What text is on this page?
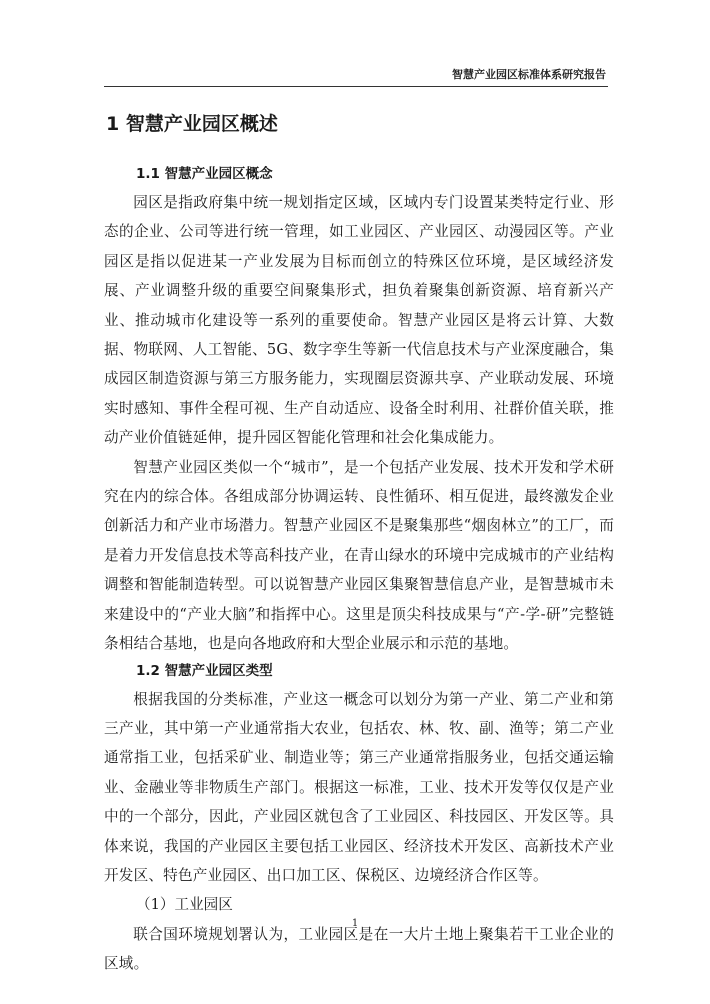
智慧产业园区标准体系研究报告
1 智慧产业园区概述
1.1 智慧产业园区概念

园区是指政府集中统一规划指定区域，区域内专门设置某类特定行业、形态的企业、公司等进行统一管理，如工业园区、产业园区、动漫园区等。产业园区是指以促进某一产业发展为目标而创立的特殊区位环境，是区域经济发展、产业调整升级的重要空间聚集形式，担负着聚集创新资源、培育新兴产业、推动城市化建设等一系列的重要使命。智慧产业园区是将云计算、大数据、物联网、人工智能、5G、数字孪生等新一代信息技术与产业深度融合，集成园区制造资源与第三方服务能力，实现圈层资源共享、产业联动发展、环境实时感知、事件全程可视、生产自动适应、设备全时利用、社群价值关联，推动产业价值链延伸，提升园区智能化管理和社会化集成能力。

智慧产业园区类似一个“城市”，是一个包括产业发展、技术开发和学术研究在内的综合体。各组成部分协调运转、良性循环、相互促进，最终激发企业创新活力和产业市场潜力。智慧产业园区不是聚集那些“烟囱林立”的工厂，而是着力开发信息技术等高科技产业，在青山绿水的环境中完成城市的产业结构调整和智能制造转型。可以说智慧产业园区集聚智慧信息产业，是智慧城市未来建设中的“产业大脑”和指挥中心。这里是顶尖科技成果与“产-学-研”完整链条相结合基地，也是向各地政府和大型企业展示和示范的基地。

1.2 智慧产业园区类型

根据我国的分类标准，产业这一概念可以划分为第一产业、第二产业和第三产业，其中第一产业通常指大农业，包括农、林、牧、副、渔等；第二产业通常指工业，包括采矿业、制造业等；第三产业通常指服务业，包括交通运输业、金融业等非物质生产部门。根据这一标准，工业、技术开发等仅仅是产业中的一个部分，因此，产业园区就包含了工业园区、科技园区、开发区等。具体来说，我国的产业园区主要包括工业园区、经济技术开发区、高新技术产业开发区、特色产业园区、出口加工区、保税区、边境经济合作区等。

（1）工业园区

联合国环境规划署认为，工业园区是在一大片土地上聚集若干工业企业的区域。

1
